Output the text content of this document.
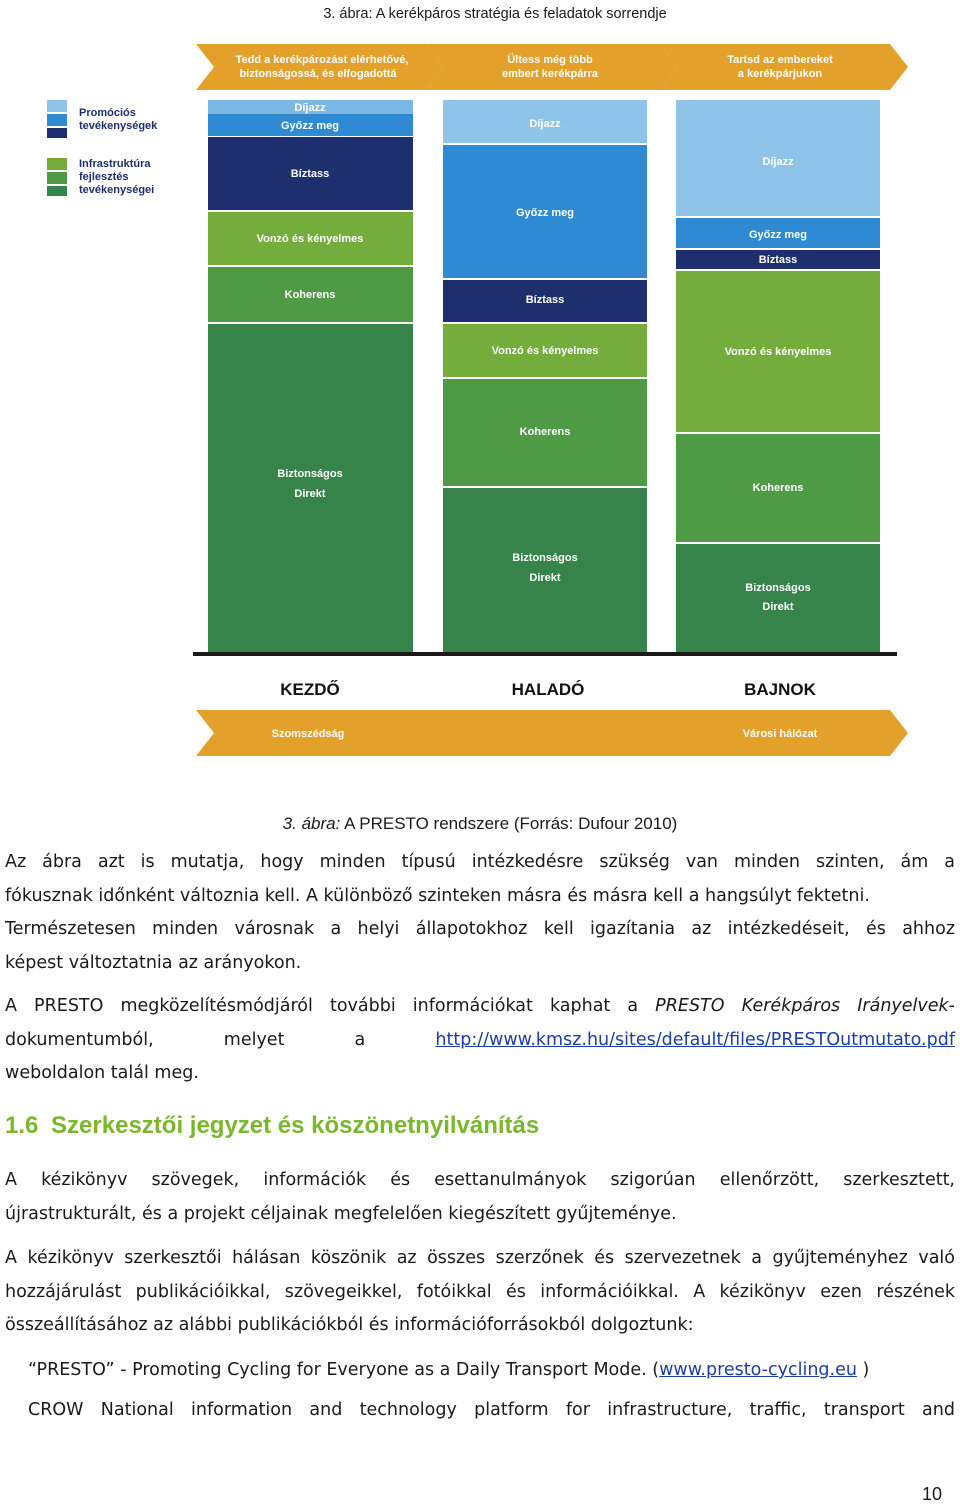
3. ábra: A kerékpáros stratégia és feladatok sorrendje
Tedd a kerékpározást elérhetővé,
biztonságossá, és elfogadottá
Ültess még több
embert kerékpárra
Tartsd az embereket
a kerékpárjukon
Promóciós
tevékenységek
Infrastruktúra
fejlesztés
tevékenységei
Díjazz
Győzz meg
Bíztass
Vonzó és kényelmes
Koherens
Biztonságos
Direkt
Díjazz
Győzz meg
Bíztass
Vonzó és kényelmes
Koherens
Biztonságos
Direkt
Díjazz
Győzz meg
Bíztass
Vonzó és kényelmes
Koherens
Biztonságos
Direkt
KEZDŐ	HALADÓ	BAJNOK
Szomszédság	Városi hálózat
3. ábra: A PRESTO rendszere (Forrás: Dufour 2010)
Az ábra azt is mutatja, hogy minden típusú intézkedésre szükség van minden szinten, ám a
fókusznak időnként változnia kell. A különböző szinteken másra és másra kell a hangsúlyt fektetni.
Természetesen minden városnak a helyi állapotokhoz kell igazítania az intézkedéseit, és ahhoz
képest változtatnia az arányokon.
A PRESTO megközelítésmódjáról további információkat kaphat a PRESTO Kerékpáros Irányelvek-
dokumentumból,	melyet	a	http://www.kmsz.hu/sites/default/files/PRESTOutmutato.pdf
weboldalon talál meg.
1.6 Szerkesztői jegyzet és köszönetnyilvánítás
A kézikönyv szövegek, információk és esettanulmányok szigorúan ellenőrzött, szerkesztett,
újrastrukturált, és a projekt céljainak megfelelően kiegészített gyűjteménye.
A kézikönyv szerkesztői hálásan köszönik az összes szerzőnek és szervezetnek a gyűjteményhez való
hozzájárulást publikációikkal, szövegeikkel, fotóikkal és információikkal. A kézikönyv ezen részének
összeállításához az alábbi publikációkból és információforrásokból dolgoztunk:
“PRESTO” - Promoting Cycling for Everyone as a Daily Transport Mode. (www.presto-cycling.eu )
CROW National information and technology platform for infrastructure, traffic, transport and
10
